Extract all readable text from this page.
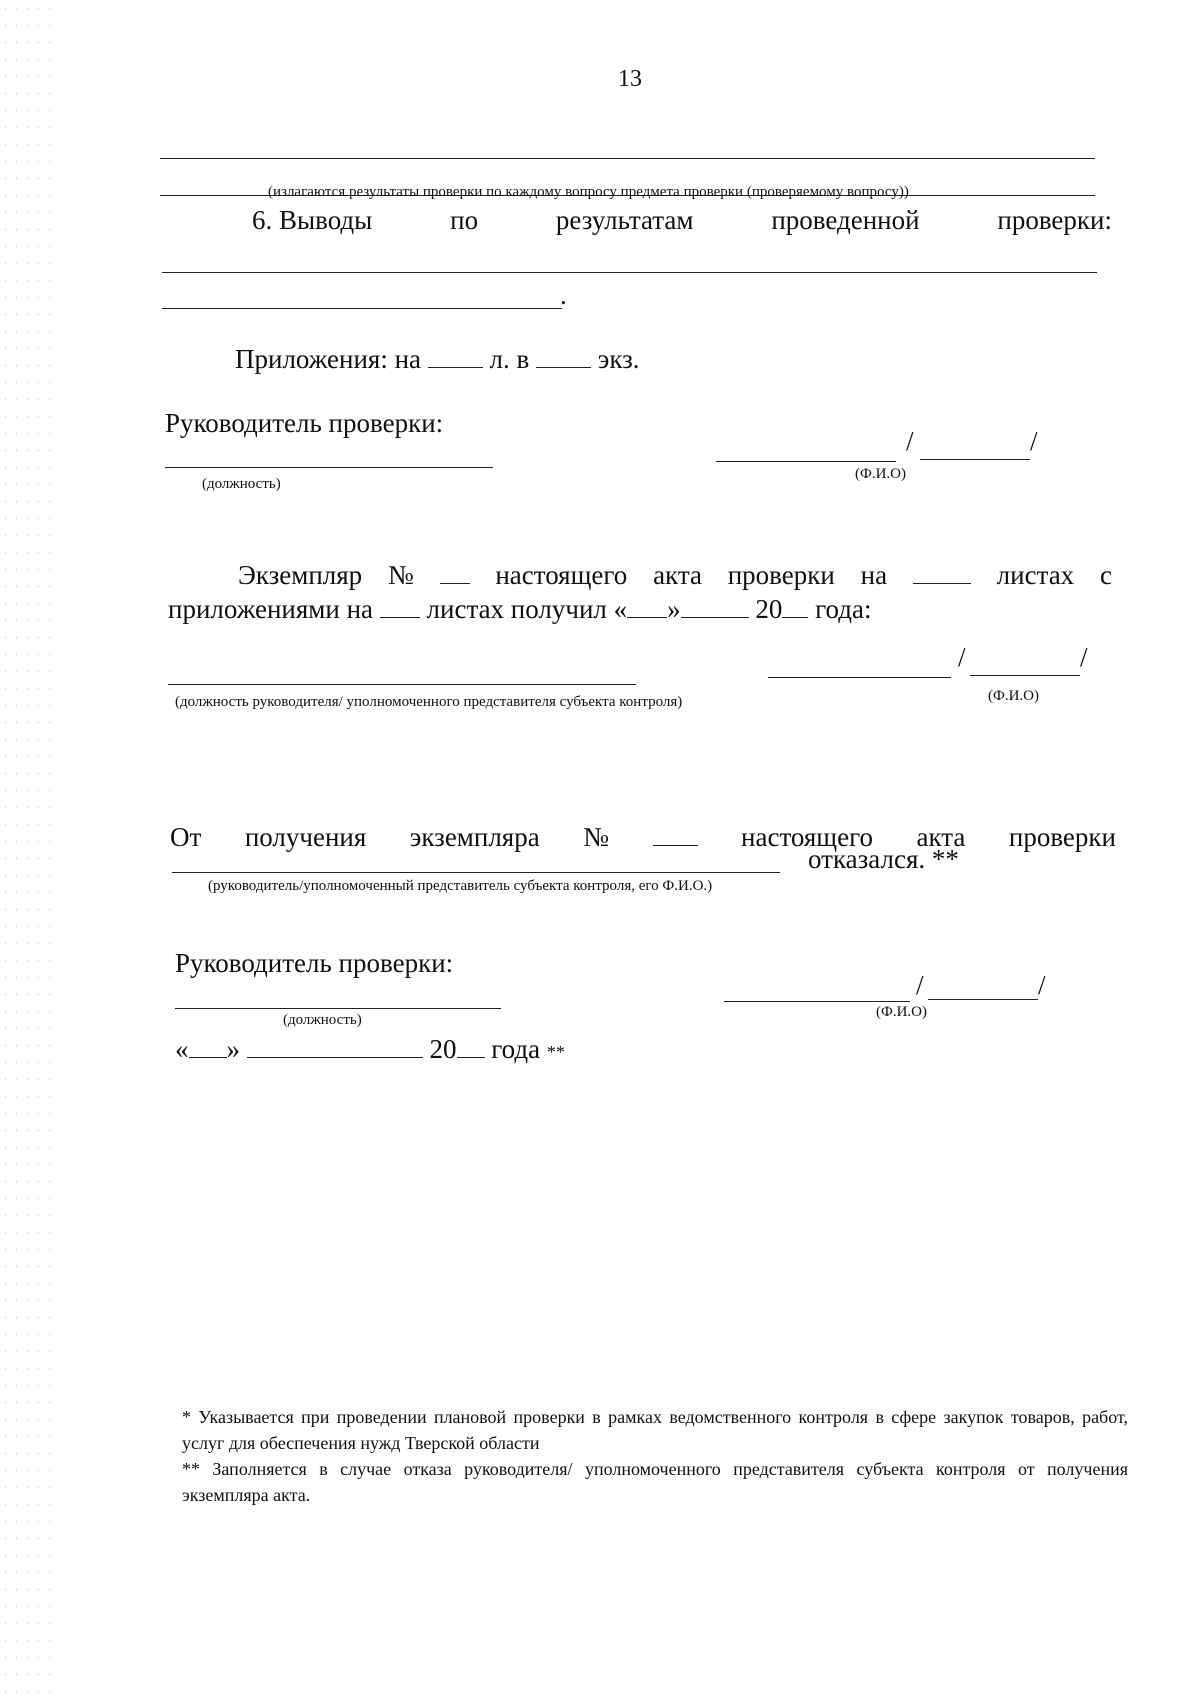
13
(излагаются результаты проверки по каждому вопросу предмета проверки (проверяемому вопросу))
6. Выводы	по	результатам	проведенной	проверки:
.
Приложения: на	л. в	экз.
Руководитель проверки:
(должность)
/	/
(Ф.И.О)
Экземпляр №	настоящего акта проверки на	листах с
приложениями на листах получил « »	20 года:
(должность руководителя/ уполномоченного представителя субъекта контроля)
/	/
(Ф.И.О)
От получения экземпляра №	настоящего акта проверки
отказался. **
(руководитель/уполномоченный представитель субъекта контроля, его Ф.И.О.)
Руководитель проверки:
(должность)
/	/
(Ф.И.О)
« »	20 года **
* Указывается при проведении плановой проверки в рамках ведомственного контроля в сфере закупок товаров, работ, услуг для обеспечения нужд Тверской области
** Заполняется в случае отказа руководителя/ уполномоченного представителя субъекта контроля от получения экземпляра акта.
